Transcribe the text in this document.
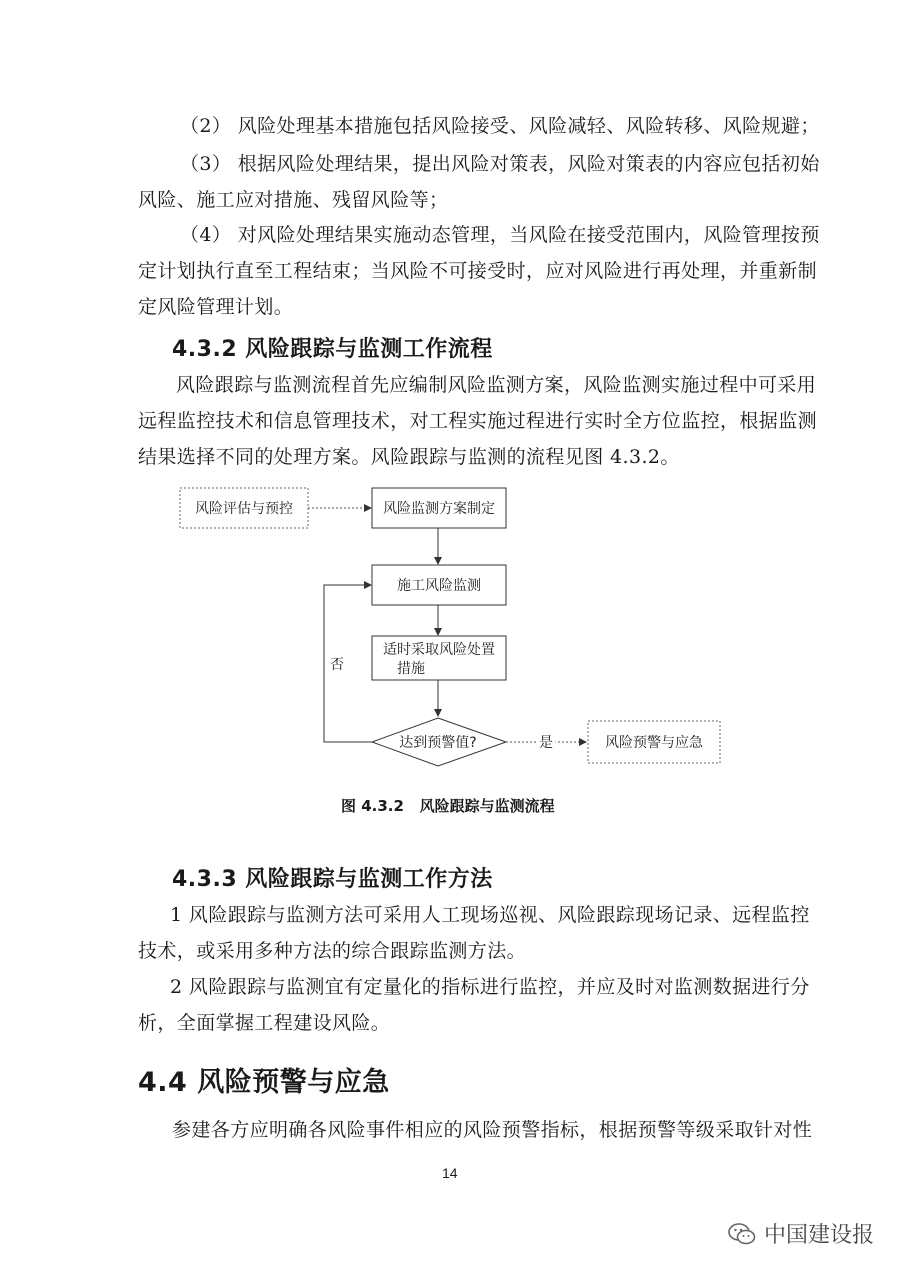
（2） 风险处理基本措施包括风险接受、风险减轻、风险转移、风险规避；
（3） 根据风险处理结果，提出风险对策表，风险对策表的内容应包括初始
风险、施工应对措施、残留风险等；
（4） 对风险处理结果实施动态管理，当风险在接受范围内，风险管理按预
定计划执行直至工程结束；当风险不可接受时，应对风险进行再处理，并重新制
定风险管理计划。
4.3.2 风险跟踪与监测工作流程
风险跟踪与监测流程首先应编制风险监测方案，风险监测实施过程中可采用
远程监控技术和信息管理技术，对工程实施过程进行实时全方位监控，根据监测
结果选择不同的处理方案。风险跟踪与监测的流程见图 4.3.2。
风险评估与预控	风险监测方案制定
施工风险监测
适时采取风险处置
措施
达到预警值?
否
是	风险预警与应急
图 4.3.2   风险跟踪与监测流程
4.3.3 风险跟踪与监测工作方法
1 风险跟踪与监测方法可采用人工现场巡视、风险跟踪现场记录、远程监控
技术，或采用多种方法的综合跟踪监测方法。
2 风险跟踪与监测宜有定量化的指标进行监控，并应及时对监测数据进行分
析，全面掌握工程建设风险。
4.4 风险预警与应急
参建各方应明确各风险事件相应的风险预警指标，根据预警等级采取针对性
14
中国建设报
